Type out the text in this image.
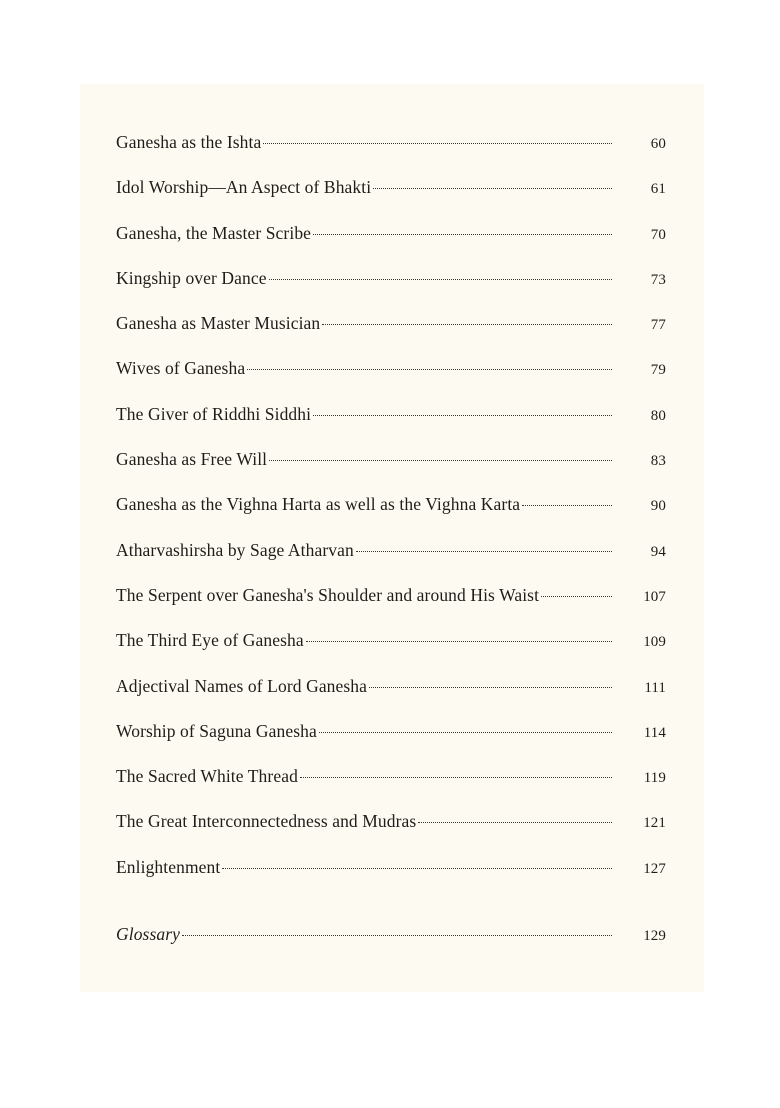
Ganesha as the Ishta	60
Idol Worship—An Aspect of Bhakti	61
Ganesha, the Master Scribe	70
Kingship over Dance	73
Ganesha as Master Musician	77
Wives of Ganesha	79
The Giver of Riddhi Siddhi	80
Ganesha as Free Will	83
Ganesha as the Vighna Harta as well as the Vighna Karta	90
Atharvashirsha by Sage Atharvan	94
The Serpent over Ganesha's Shoulder and around His Waist	107
The Third Eye of Ganesha	109
Adjectival Names of Lord Ganesha	111
Worship of Saguna Ganesha	114
The Sacred White Thread	119
The Great Interconnectedness and Mudras	121
Enlightenment	127
Glossary	129
